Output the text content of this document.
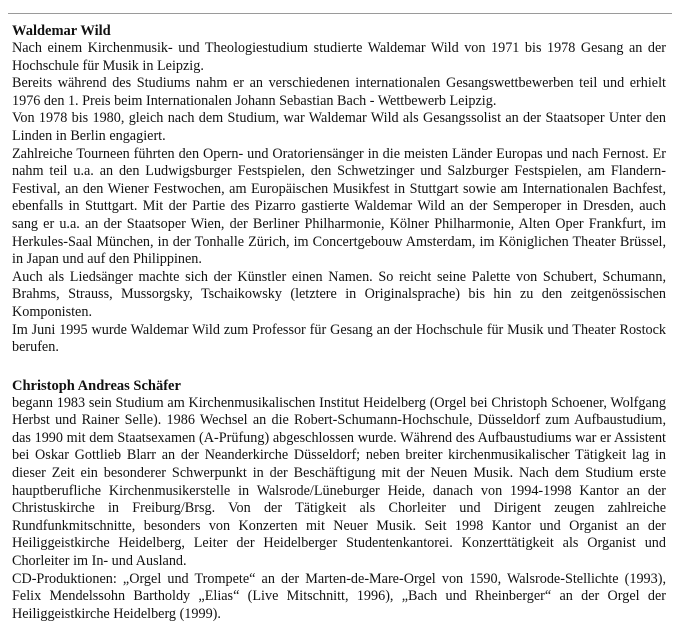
Waldemar Wild

Nach einem Kirchenmusik- und Theologiestudium studierte Waldemar Wild von 1971 bis 1978 Gesang an der Hochschule für Musik in Leipzig.

Bereits während des Studiums nahm er an verschiedenen internationalen Gesangswettbewerben teil und erhielt 1976 den 1. Preis beim Internationalen Johann Sebastian Bach - Wettbewerb Leipzig.

Von 1978 bis 1980, gleich nach dem Studium, war Waldemar Wild als Gesangssolist an der Staatsoper Unter den Linden in Berlin engagiert.

Zahlreiche Tourneen führten den Opern- und Oratoriensänger in die meisten Länder Europas und nach Fernost. Er nahm teil u.a. an den Ludwigsburger Festspielen, den Schwetzinger und Salzburger Festspielen, am Flandern-Festival, an den Wiener Festwochen, am Europäischen Musikfest in Stuttgart sowie am Internationalen Bachfest, ebenfalls in Stuttgart. Mit der Partie des Pizarro gastierte Waldemar Wild an der Semperoper in Dresden, auch sang er u.a. an der Staatsoper Wien, der Berliner Philharmonie, Kölner Philharmonie, Alten Oper Frankfurt, im Herkules-Saal München, in der Tonhalle Zürich, im Concertgebouw Amsterdam, im Königlichen Theater Brüssel, in Japan und auf den Philippinen.

Auch als Liedsänger machte sich der Künstler einen Namen. So reicht seine Palette von Schubert, Schumann, Brahms, Strauss, Mussorgsky, Tschaikowsky (letztere in Originalsprache) bis hin zu den zeitgenössischen Komponisten.

Im Juni 1995 wurde Waldemar Wild zum Professor für Gesang an der Hochschule für Musik und Theater Rostock berufen.

Christoph Andreas Schäfer

begann 1983 sein Studium am Kirchenmusikalischen Institut Heidelberg (Orgel bei Christoph Schoener, Wolfgang Herbst und Rainer Selle). 1986 Wechsel an die Robert-Schumann-Hochschule, Düsseldorf zum Aufbaustudium, das 1990 mit dem Staatsexamen (A-Prüfung) abgeschlossen wurde. Während des Aufbaustudiums war er Assistent bei Oskar Gottlieb Blarr an der Neanderkirche Düsseldorf; neben breiter kirchenmusikalischer Tätigkeit lag in dieser Zeit ein besonderer Schwerpunkt in der Beschäftigung mit der Neuen Musik. Nach dem Studium erste hauptberufliche Kirchenmusikerstelle in Walsrode/Lüneburger Heide, danach von 1994-1998 Kantor an der Christuskirche in Freiburg/Brsg. Von der Tätigkeit als Chorleiter und Dirigent zeugen zahlreiche Rundfunkmitschnitte, besonders von Konzerten mit Neuer Musik. Seit 1998 Kantor und Organist an der Heiliggeistkirche Heidelberg, Leiter der Heidelberger Studentenkantorei. Konzerttätigkeit als Organist und Chorleiter im In- und Ausland.

CD-Produktionen: „Orgel und Trompete“ an der Marten-de-Mare-Orgel von 1590, Walsrode-Stellichte (1993), Felix Mendelssohn Bartholdy „Elias“ (Live Mitschnitt, 1996), „Bach und Rheinberger“ an der Orgel der Heiliggeistkirche Heidelberg (1999).
